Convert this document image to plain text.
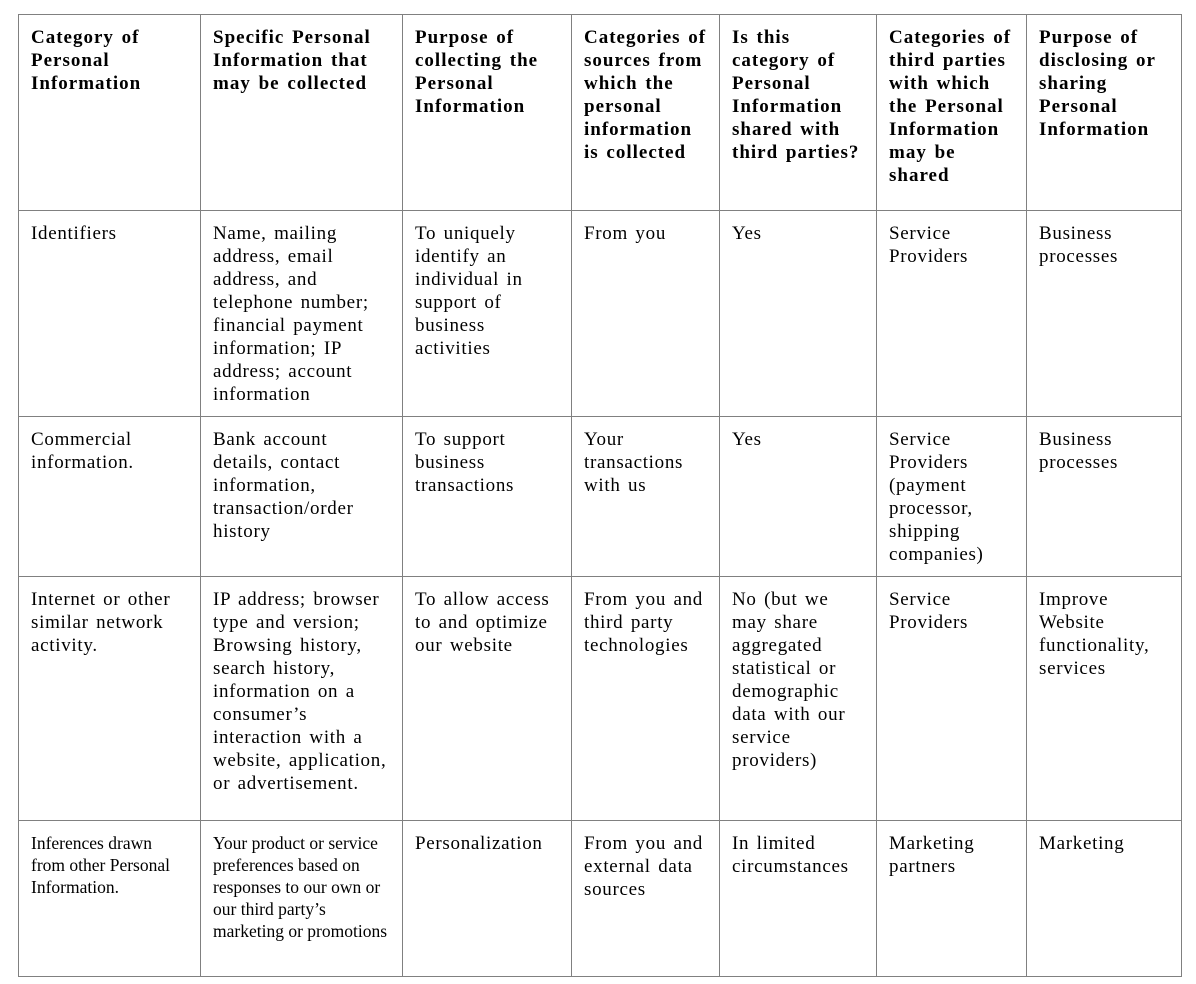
Category of Personal Information	Specific Personal Information that may be collected	Purpose of collecting the Personal Information	Categories of sources from which the personal information is collected	Is this category of Personal Information shared with third parties?	Categories of third parties with which the Personal Information may be shared	Purpose of disclosing or sharing Personal Information
Identifiers	Name, mailing address, email address, and telephone number; financial payment information; IP address; account information	To uniquely identify an individual in support of business activities	From you	Yes	Service Providers	Business processes
Commercial information.	Bank account details, contact information, transaction/order history	To support business transactions	Your transactions with us	Yes	Service Providers (payment processor, shipping companies)	Business processes
Internet or other similar network activity.	IP address; browser type and version; Browsing history, search history, information on a consumer’s interaction with a website, application, or advertisement.	To allow access to and optimize our website	From you and third party technologies	No (but we may share aggregated statistical or demographic data with our service providers)	Service Providers	Improve Website functionality, services
Inferences drawn from other Personal Information.	Your product or service preferences based on responses to our own or our third party’s marketing or promotions	Personalization	From you and external data sources	In limited circumstances	Marketing partners	Marketing
